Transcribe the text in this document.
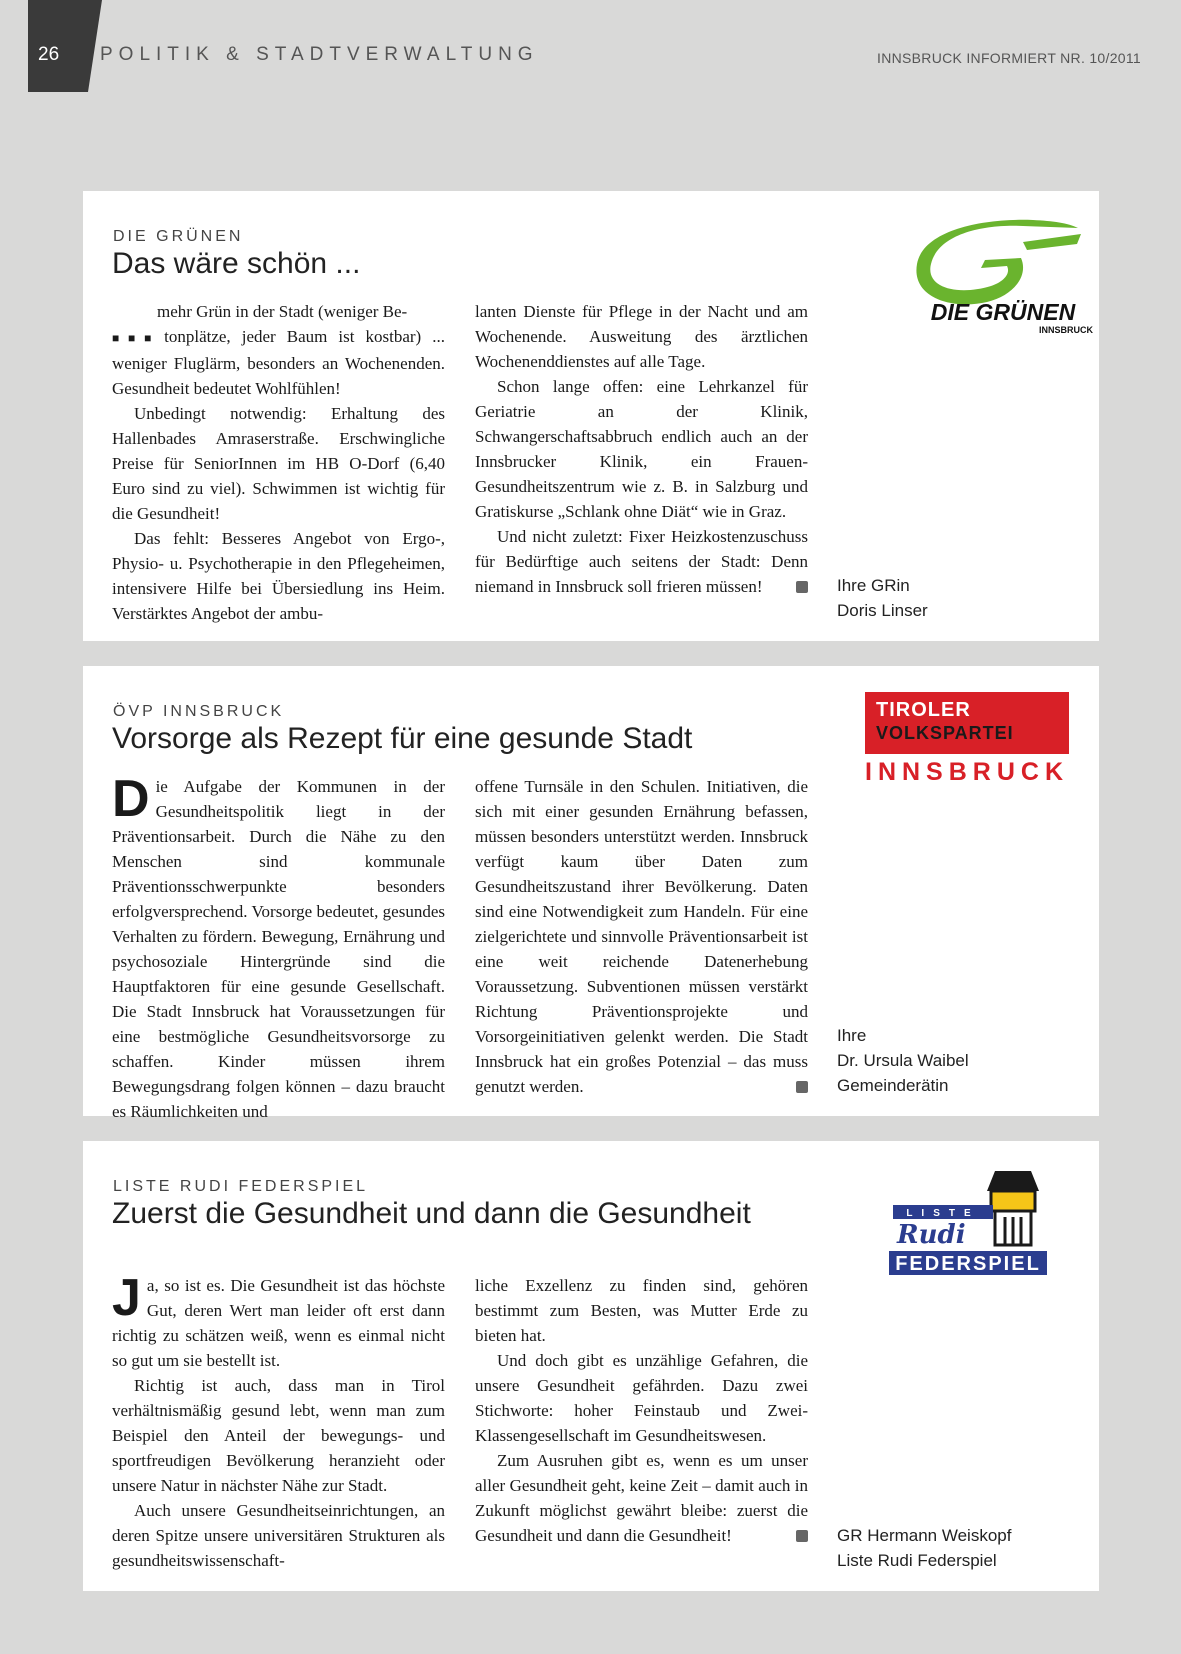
26 POLITIK & STADTVERWALTUNG	INNSBRUCK INFORMIERT NR. 10/2011
DIE GRÜNEN
Das wäre schön ...

mehr Grün in der Stadt (weniger Be-
■■■ tonplätze, jeder Baum ist kostbar) ... weniger Fluglärm, besonders an Wochenenden. Gesundheit bedeutet Wohlfühlen!

Unbedingt notwendig: Erhaltung des Hallenbades Amraserstraße. Erschwingliche Preise für SeniorInnen im HB O-Dorf (6,40 Euro sind zu viel). Schwimmen ist wichtig für die Gesundheit!

Das fehlt: Besseres Angebot von Ergo-, Physio- u. Psychotherapie in den Pflegeheimen, intensivere Hilfe bei Übersiedlung ins Heim. Verstärktes Angebot der ambu-

lanten Dienste für Pflege in der Nacht und am Wochenende. Ausweitung des ärztlichen Wochenenddienstes auf alle Tage.

Schon lange offen: eine Lehrkanzel für Geriatrie an der Klinik, Schwangerschaftsabbruch endlich auch an der Innsbrucker Klinik, ein Frauen-Gesundheitszentrum wie z. B. in Salzburg und Gratiskurse „Schlank ohne Diät“ wie in Graz.

Und nicht zuletzt: Fixer Heizkostenzuschuss für Bedürftige auch seitens der Stadt: Denn niemand in Innsbruck soll frieren müssen!	Ihre GRin
Doris Linser
DIE GRÜNEN
INNSBRUCK
ÖVP INNSBRUCK
Vorsorge als Rezept für eine gesunde Stadt

Die Aufgabe der Kommunen in der Gesundheitspolitik liegt in der Präventionsarbeit. Durch die Nähe zu den Menschen sind kommunale Präventionsschwerpunkte besonders erfolgversprechend. Vorsorge bedeutet, gesundes Verhalten zu fördern. Bewegung, Ernährung und psychosoziale Hintergründe sind die Hauptfaktoren für eine gesunde Gesellschaft. Die Stadt Innsbruck hat Voraussetzungen für eine bestmögliche Gesundheitsvorsorge zu schaffen. Kinder müssen ihrem Bewegungsdrang folgen können – dazu braucht es Räumlichkeiten und

offene Turnsäle in den Schulen. Initiativen, die sich mit einer gesunden Ernährung befassen, müssen besonders unterstützt werden. Innsbruck verfügt kaum über Daten zum Gesundheitszustand ihrer Bevölkerung. Daten sind eine Notwendigkeit zum Handeln. Für eine zielgerichtete und sinnvolle Präventionsarbeit ist eine weit reichende Datenerhebung Voraussetzung. Subventionen müssen verstärkt Richtung Präventionsprojekte und Vorsorgeinitiativen gelenkt werden. Die Stadt Innsbruck hat ein großes Potenzial – das muss genutzt werden.

Ihre
Dr. Ursula Waibel
Gemeinderätin
TIROLER
VOLKSPARTEI
INNSBRUCK
LISTE RUDI FEDERSPIEL
Zuerst die Gesundheit und dann die Gesundheit

Ja, so ist es. Die Gesundheit ist das höchste Gut, deren Wert man leider oft erst dann richtig zu schätzen weiß, wenn es einmal nicht so gut um sie bestellt ist.

Richtig ist auch, dass man in Tirol verhältnismäßig gesund lebt, wenn man zum Beispiel den Anteil der bewegungs- und sportfreudigen Bevölkerung heranzieht oder unsere Natur in nächster Nähe zur Stadt.

Auch unsere Gesundheitseinrichtungen, an deren Spitze unsere universitären Strukturen als gesundheitswissenschaft-

liche Exzellenz zu finden sind, gehören bestimmt zum Besten, was Mutter Erde zu bieten hat.

Und doch gibt es unzählige Gefahren, die unsere Gesundheit gefährden. Dazu zwei Stichworte: hoher Feinstaub und Zwei-Klassengesellschaft im Gesundheitswesen.

Zum Ausruhen gibt es, wenn es um unser aller Gesundheit geht, keine Zeit – damit auch in Zukunft möglichst gewährt bleibe: zuerst die Gesundheit und dann die Gesundheit!	GR Hermann Weiskopf
Liste Rudi Federspiel
LISTE
Rudi
FEDERSPIEL
